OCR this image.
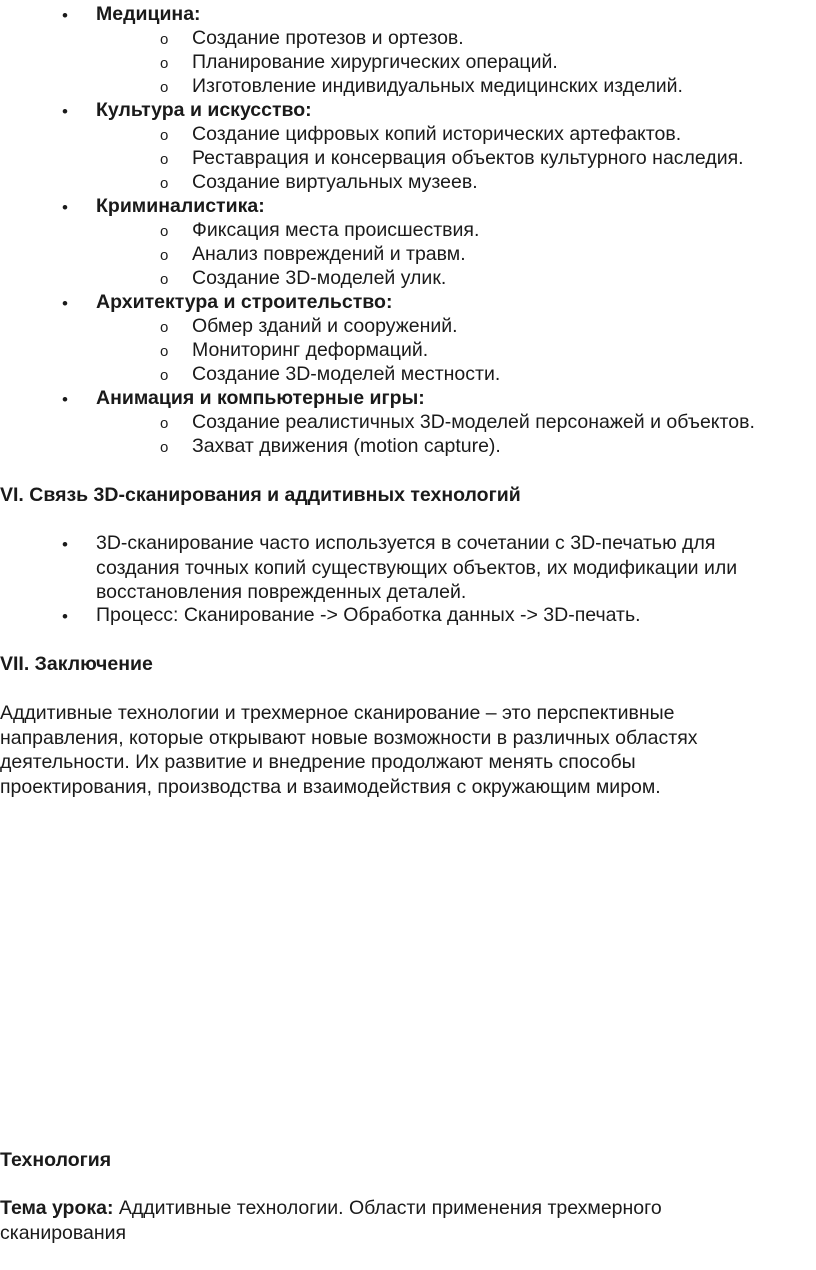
• Медицина:
o Создание протезов и ортезов.
o Планирование хирургических операций.
o Изготовление индивидуальных медицинских изделий.
• Культура и искусство:
o Создание цифровых копий исторических артефактов.
o Реставрация и консервация объектов культурного наследия.
o Создание виртуальных музеев.
• Криминалистика:
o Фиксация места происшествия.
o Анализ повреждений и травм.
o Создание 3D-моделей улик.
• Архитектура и строительство:
o Обмер зданий и сооружений.
o Мониторинг деформаций.
o Создание 3D-моделей местности.
• Анимация и компьютерные игры:
o Создание реалистичных 3D-моделей персонажей и объектов.
o Захват движения (motion capture).
VI. Связь 3D-сканирования и аддитивных технологий
• 3D-сканирование часто используется в сочетании с 3D-печатью для создания точных копий существующих объектов, их модификации или восстановления поврежденных деталей.
• Процесс: Сканирование -> Обработка данных -> 3D-печать.
VII. Заключение
Аддитивные технологии и трехмерное сканирование – это перспективные направления, которые открывают новые возможности в различных областях деятельности. Их развитие и внедрение продолжают менять способы проектирования, производства и взаимодействия с окружающим миром.
Технология
Тема урока: Аддитивные технологии. Области применения трехмерного сканирования
